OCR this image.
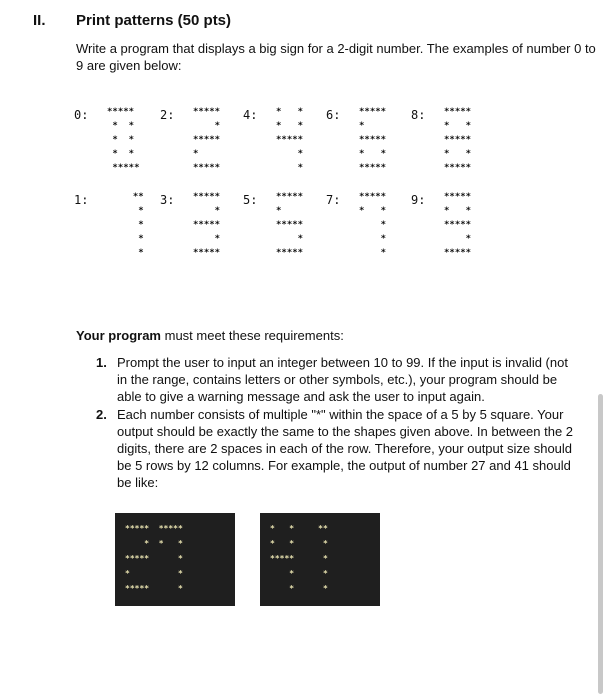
II. Print patterns (50 pts)
Write a program that displays a big sign for a 2-digit number. The examples of number 0 to 9 are given below:
0: *****
*  *
*  *
*  *
*****
2: *****
*
*****
*
*****
4: *   *
*   *
*****
*
*
6: *****
*
*****
*   *
*****
8: *****
*   *
*****
*   *
*****
1:	**
*
*
*
*
3: *****
*
*****
*
*****
5: *****
*
*****
*
*****
7: *****
*   *
*
*
*
9: *****
*   *
*****
*
*****
Your program must meet these requirements:
1. Prompt the user to input an integer between 10 to 99. If the input is invalid (not in the range, contains letters or other symbols, etc.), your program should be able to give a warning message and ask the user to input again.
2. Each number consists of multiple "*" within the space of a 5 by 5 square. Your output should be exactly the same to the shapes given above. In between the 2 digits, there are 2 spaces in each of the row. Therefore, your output size should be 5 rows by 12 columns. For example, the output of number 27 and 41 should be like:
*****  *****
*  *   *
*****      *
*          *
*****      *
*   *     **
*   *      *
*****      *
*      *
*      *
